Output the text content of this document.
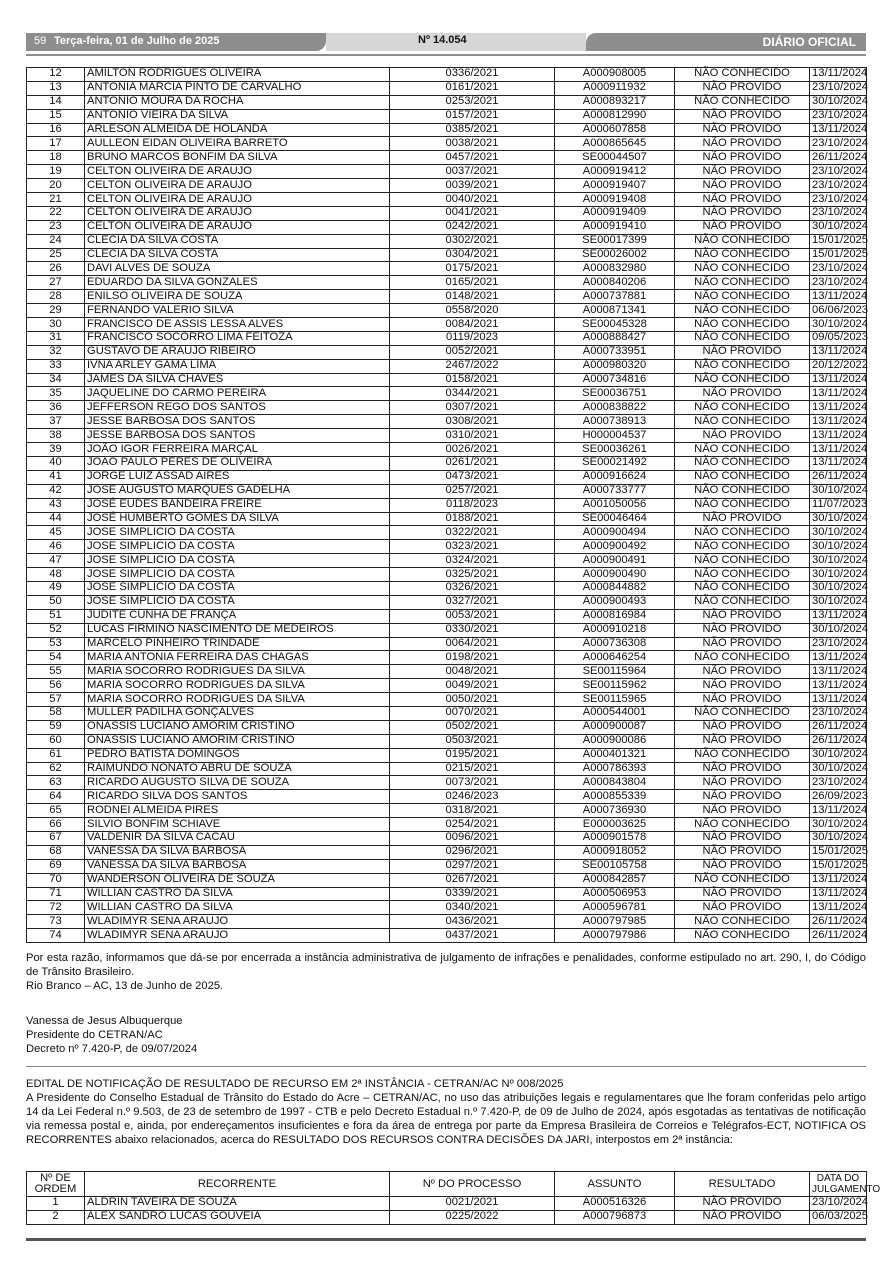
59 Terça-feira, 01 de Julho de 2025	Nº 14.054	DIÁRIO OFICIAL
12	AMILTON RODRIGUES OLIVEIRA	0336/2021	A000908005	NÃO CONHECIDO	13/11/2024
13	ANTONIA MARCIA PINTO DE CARVALHO	0161/2021	A000911932	NÃO PROVIDO	23/10/2024
14	ANTONIO MOURA DA ROCHA	0253/2021	A000893217	NÃO CONHECIDO	30/10/2024
15	ANTONIO VIEIRA DA SILVA	0157/2021	A000812990	NÃO PROVIDO	23/10/2024
16	ARLESON ALMEIDA DE HOLANDA	0385/2021	A000607858	NÃO PROVIDO	13/11/2024
17	AULLEON EIDAN OLIVEIRA BARRETO	0038/2021	A000865645	NÃO PROVIDO	23/10/2024
18	BRUNO MARCOS BONFIM DA SILVA	0457/2021	SE00044507	NÃO PROVIDO	26/11/2024
19	CELTON OLIVEIRA DE ARAUJO	0037/2021	A000919412	NÃO PROVIDO	23/10/2024
20	CELTON OLIVEIRA DE ARAUJO	0039/2021	A000919407	NÃO PROVIDO	23/10/2024
21	CELTON OLIVEIRA DE ARAUJO	0040/2021	A000919408	NÃO PROVIDO	23/10/2024
22	CELTON OLIVEIRA DE ARAUJO	0041/2021	A000919409	NÃO PROVIDO	23/10/2024
23	CELTON OLIVEIRA DE ARAUJO	0242/2021	A000919410	NÃO PROVIDO	30/10/2024
24	CLECIA DA SILVA COSTA	0302/2021	SE00017399	NÃO CONHECIDO	15/01/2025
25	CLECIA DA SILVA COSTA	0304/2021	SE00026002	NÃO CONHECIDO	15/01/2025
26	DAVI ALVES DE SOUZA	0175/2021	A000832980	NÃO CONHECIDO	23/10/2024
27	EDUARDO DA SILVA GONZALES	0165/2021	A000840206	NÃO CONHECIDO	23/10/2024
28	ENILSO OLIVEIRA DE SOUZA	0148/2021	A000737881	NÃO CONHECIDO	13/11/2024
29	FERNANDO VALERIO SILVA	0558/2020	A000871341	NÃO CONHECIDO	06/06/2023
30	FRANCISCO DE ASSIS LESSA ALVES	0084/2021	SE00045328	NÃO CONHECIDO	30/10/2024
31	FRANCISCO SOCORRO LIMA FEITOZA	0119/2023	A000888427	NÃO CONHECIDO	09/05/2023
32	GUSTAVO DE ARAUJO RIBEIRO	0052/2021	A000733951	NÃO PROVIDO	13/11/2024
33	IVNA ARLEY GAMA LIMA	2467/2022	A000980320	NÃO CONHECIDO	20/12/2022
34	JAMES DA SILVA CHAVES	0158/2021	A000734816	NÃO CONHECIDO	13/11/2024
35	JAQUELINE DO CARMO PEREIRA	0344/2021	SE00036751	NÃO PROVIDO	13/11/2024
36	JEFFERSON REGO DOS SANTOS	0307/2021	A000838822	NÃO CONHECIDO	13/11/2024
37	JESSE BARBOSA DOS SANTOS	0308/2021	A000738913	NÃO CONHECIDO	13/11/2024
38	JESSE BARBOSA DOS SANTOS	0310/2021	H000004537	NÃO PROVIDO	13/11/2024
39	JOÃO IGOR FERREIRA MARÇAL	0026/2021	SE00036261	NÃO CONHECIDO	13/11/2024
40	JOAO PAULO PERES DE OLIVEIRA	0261/2021	SE00021492	NÃO CONHECIDO	13/11/2024
41	JORGE LUIZ ASSAD AIRES	0473/2021	A000916624	NÃO CONHECIDO	26/11/2024
42	JOSE AUGUSTO MARQUES GADELHA	0257/2021	A000733777	NÃO CONHECIDO	30/10/2024
43	JOSÉ EUDES BANDEIRA FREIRE	0118/2023	A001050056	NÃO CONHECIDO	11/07/2023
44	JOSÉ HUMBERTO GOMES DA SILVA	0188/2021	SE00046464	NÃO PROVIDO	30/10/2024
45	JOSE SIMPLICIO DA COSTA	0322/2021	A000900494	NÃO CONHECIDO	30/10/2024
46	JOSE SIMPLICIO DA COSTA	0323/2021	A000900492	NÃO CONHECIDO	30/10/2024
47	JOSE SIMPLICIO DA COSTA	0324/2021	A000900491	NÃO CONHECIDO	30/10/2024
48	JOSE SIMPLICIO DA COSTA	0325/2021	A000900490	NÃO CONHECIDO	30/10/2024
49	JOSE SIMPLICIO DA COSTA	0326/2021	A000844882	NÃO CONHECIDO	30/10/2024
50	JOSE SIMPLICIO DA COSTA	0327/2021	A000900493	NÃO CONHECIDO	30/10/2024
51	JUDITE CUNHA DE FRANÇA	0053/2021	A000816984	NÃO PROVIDO	13/11/2024
52	LUCAS FIRMINO NASCIMENTO DE MEDEIROS	0330/2021	A000910218	NÃO PROVIDO	30/10/2024
53	MARCELO PINHEIRO TRINDADE	0064/2021	A000736308	NÃO PROVIDO	23/10/2024
54	MARIA ANTONIA FERREIRA DAS CHAGAS	0198/2021	A000646254	NÃO CONHECIDO	13/11/2024
55	MARIA SOCORRO RODRIGUES DA SILVA	0048/2021	SE00115964	NÃO PROVIDO	13/11/2024
56	MARIA SOCORRO RODRIGUES DA SILVA	0049/2021	SE00115962	NÃO PROVIDO	13/11/2024
57	MARIA SOCORRO RODRIGUES DA SILVA	0050/2021	SE00115965	NÃO PROVIDO	13/11/2024
58	MULLER PADILHA GONÇALVES	0070/2021	A000544001	NÃO CONHECIDO	23/10/2024
59	ONASSIS LUCIANO AMORIM CRISTINO	0502/2021	A000900087	NÃO PROVIDO	26/11/2024
60	ONASSIS LUCIANO AMORIM CRISTINO	0503/2021	A000900086	NÃO PROVIDO	26/11/2024
61	PEDRO BATISTA DOMINGOS	0195/2021	A000401321	NÃO CONHECIDO	30/10/2024
62	RAIMUNDO NONATO ABRU DE SOUZA	0215/2021	A000786393	NÃO PROVIDO	30/10/2024
63	RICARDO AUGUSTO SILVA DE SOUZA	0073/2021	A000843804	NÃO PROVIDO	23/10/2024
64	RICARDO SILVA DOS SANTOS	0246/2023	A000855339	NÃO PROVIDO	26/09/2023
65	RODNEI ALMEIDA PIRES	0318/2021	A000736930	NÃO PROVIDO	13/11/2024
66	SILVIO BONFIM SCHIAVE	0254/2021	E000003625	NÃO CONHECIDO	30/10/2024
67	VALDENIR DA SILVA CACAU	0096/2021	A000901578	NÃO PROVIDO	30/10/2024
68	VANESSA DA SILVA BARBOSA	0296/2021	A000918052	NÃO PROVIDO	15/01/2025
69	VANESSA DA SILVA BARBOSA	0297/2021	SE00105758	NÃO PROVIDO	15/01/2025
70	WANDERSON OLIVEIRA DE SOUZA	0267/2021	A000842857	NÃO CONHECIDO	13/11/2024
71	WILLIAN CASTRO DA SILVA	0339/2021	A000506953	NÃO PROVIDO	13/11/2024
72	WILLIAN CASTRO DA SILVA	0340/2021	A000596781	NÃO PROVIDO	13/11/2024
73	WLADIMYR SENA ARAUJO	0436/2021	A000797985	NÃO CONHECIDO	26/11/2024
74	WLADIMYR SENA ARAUJO	0437/2021	A000797986	NÃO CONHECIDO	26/11/2024

Por esta razão, informamos que dá-se por encerrada a instância administrativa de julgamento de infrações e penalidades, conforme estipulado no art. 290, I, do Código de Trânsito Brasileiro.

Rio Branco – AC, 13 de Junho de 2025.

Vanessa de Jesus Albuquerque

Presidente do CETRAN/AC

Decreto nº 7.420-P, de 09/07/2024

EDITAL DE NOTIFICAÇÃO DE RESULTADO DE RECURSO EM 2ª INSTÂNCIA - CETRAN/AC Nº 008/2025

A Presidente do Conselho Estadual de Trânsito do Estado do Acre – CETRAN/AC, no uso das atribuições legais e regulamentares que lhe foram conferidas pelo artigo 14 da Lei Federal n.º 9.503, de 23 de setembro de 1997 - CTB e pelo Decreto Estadual n.º 7.420-P, de 09 de Julho de 2024, após esgotadas as tentativas de notificação via remessa postal e, ainda, por endereçamentos insuficientes e fora da área de entrega por parte da Empresa Brasileira de Correios e Telégrafos-ECT, NOTIFICA OS RECORRENTES abaixo relacionados, acerca do RESULTADO DOS RECURSOS CONTRA DECISÕES DA JARI, interpostos em 2ª instância:

Nº DE ORDEM	RECORRENTE	Nº DO PROCESSO	ASSUNTO	RESULTADO	DATA DO JULGAMENTO
1	ALDRIN TAVEIRA DE SOUZA	0021/2021	A000516326	NÃO PROVIDO	23/10/2024
2	ALEX SANDRO LUCAS GOUVEIA	0225/2022	A000796873	NÃO PROVIDO	06/03/2025
